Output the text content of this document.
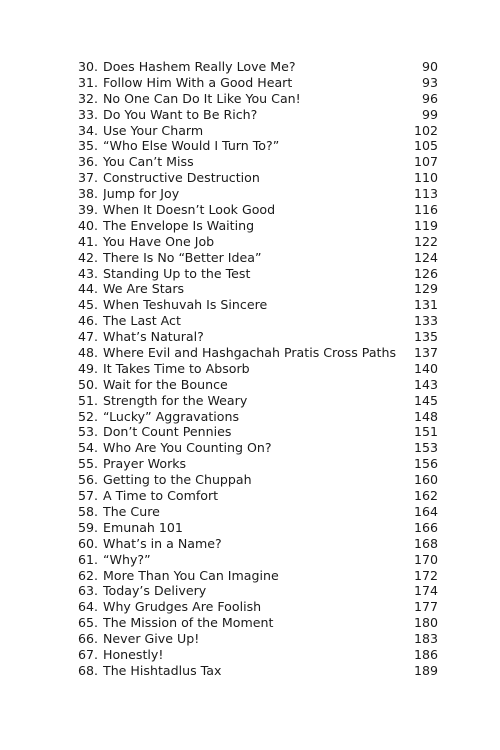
30. Does Hashem Really Love Me?	90
31. Follow Him With a Good Heart	93
32. No One Can Do It Like You Can!	96
33. Do You Want to Be Rich?	99
34. Use Your Charm	102
35. “Who Else Would I Turn To?”	105
36. You Can’t Miss	107
37. Constructive Destruction	110
38. Jump for Joy	113
39. When It Doesn’t Look Good	116
40. The Envelope Is Waiting	119
41. You Have One Job	122
42. There Is No “Better Idea”	124
43. Standing Up to the Test	126
44. We Are Stars	129
45. When Teshuvah Is Sincere	131
46. The Last Act	133
47. What’s Natural?	135
48. Where Evil and Hashgachah Pratis Cross Paths	137
49. It Takes Time to Absorb	140
50. Wait for the Bounce	143
51. Strength for the Weary	145
52. “Lucky” Aggravations	148
53. Don’t Count Pennies	151
54. Who Are You Counting On?	153
55. Prayer Works	156
56. Getting to the Chuppah	160
57. A Time to Comfort	162
58. The Cure	164
59. Emunah 101	166
60. What’s in a Name?	168
61. “Why?”	170
62. More Than You Can Imagine	172
63. Today’s Delivery	174
64. Why Grudges Are Foolish	177
65. The Mission of the Moment	180
66. Never Give Up!	183
67. Honestly!	186
68. The Hishtadlus Tax	189
